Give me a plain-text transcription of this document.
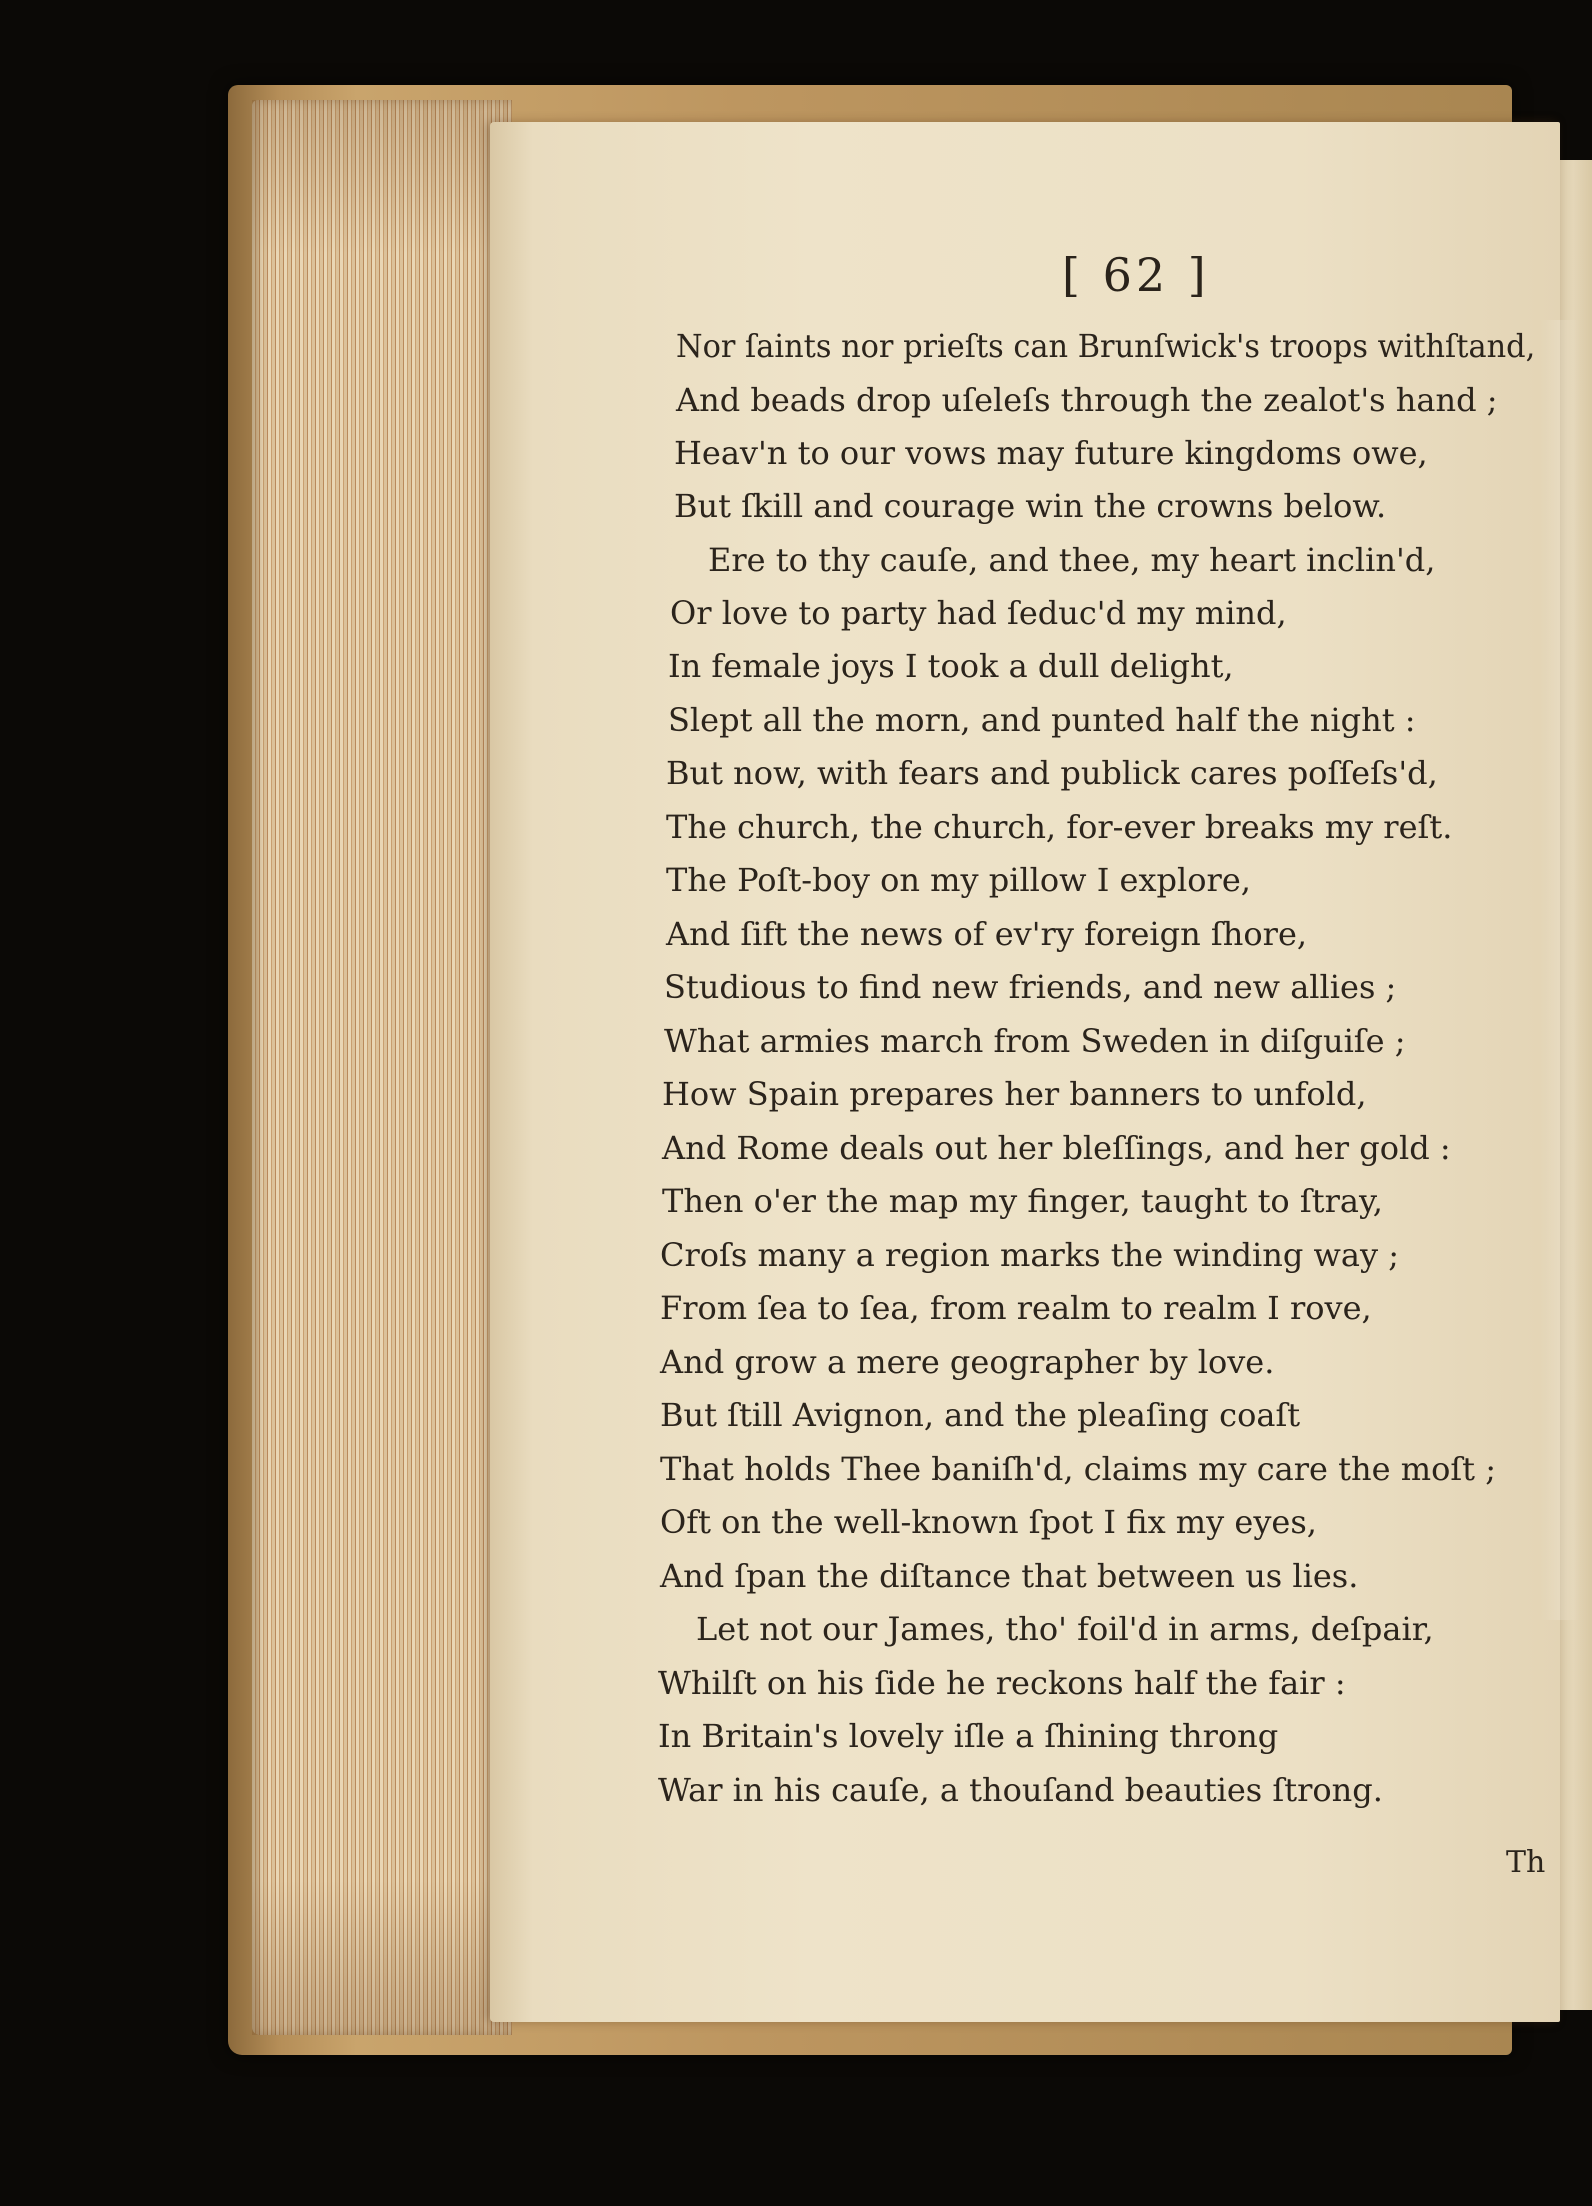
[ 62 ]
Nor ſaints nor prieſts can Brunſwick's troops withſtand,
And beads drop uſeleſs through the zealot's hand ;
Heav'n to our vows may future kingdoms owe,
But ſkill and courage win the crowns below.
Ere to thy cauſe, and thee, my heart inclin'd,
Or love to party had ſeduc'd my mind,
In female joys I took a dull delight,
Slept all the morn, and punted half the night :
But now, with fears and publick cares poſſeſs'd,
The church, the church, for-ever breaks my reſt.
The Poſt-boy on my pillow I explore,
And ſift the news of ev'ry foreign ſhore,
Studious to find new friends, and new allies ;
What armies march from Sweden in diſguiſe ;
How Spain prepares her banners to unfold,
And Rome deals out her bleſſings, and her gold :
Then o'er the map my finger, taught to ſtray,
Croſs many a region marks the winding way ;
From ſea to ſea, from realm to realm I rove,
And grow a mere geographer by love.
But ſtill Avignon, and the pleaſing coaſt
That holds Thee baniſh'd, claims my care the moſt ;
Oft on the well-known ſpot I fix my eyes,
And ſpan the diſtance that between us lies.
Let not our James, tho' foil'd in arms, deſpair,
Whilſt on his ſide he reckons half the fair :
In Britain's lovely iſle a ſhining throng
War in his cauſe, a thouſand beauties ſtrong.
Th
